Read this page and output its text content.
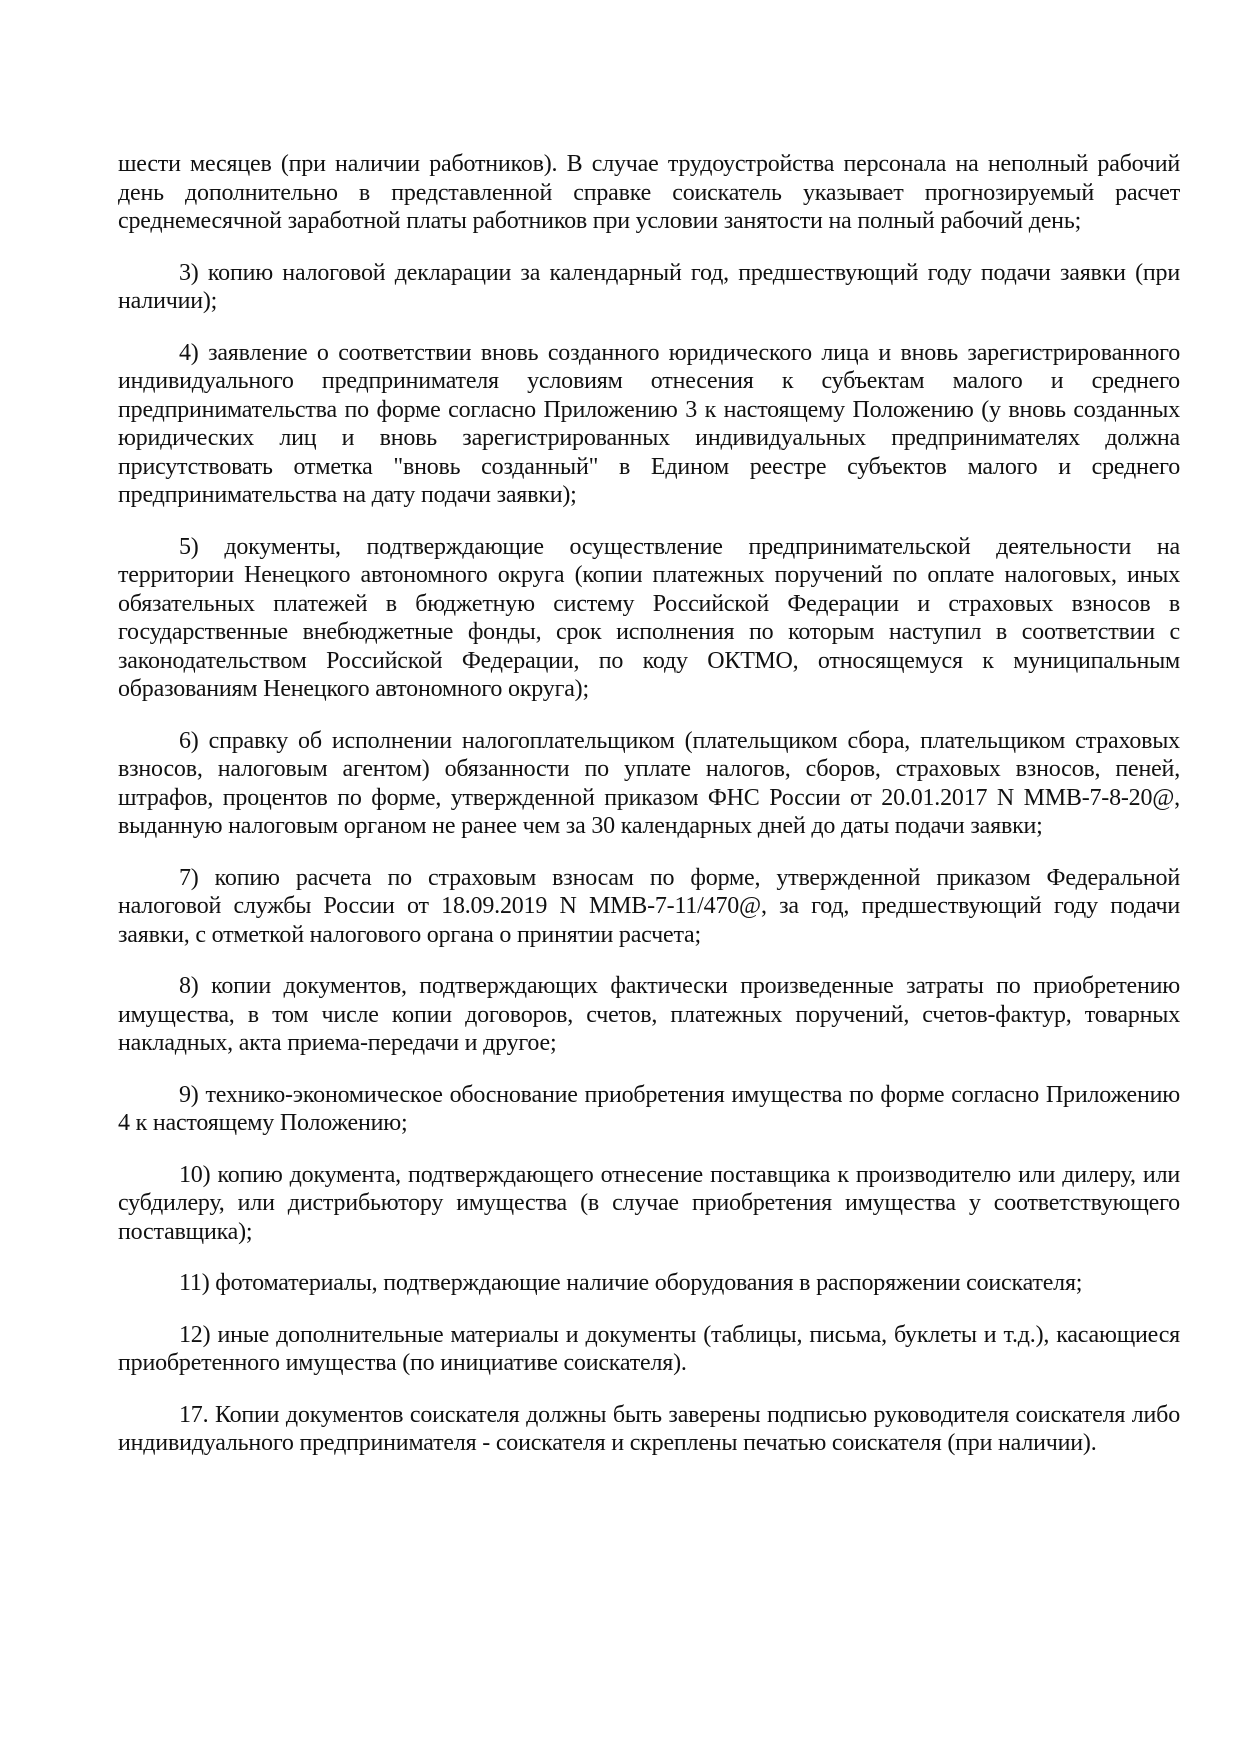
шести месяцев (при наличии работников). В случае трудоустройства персонала на неполный рабочий день дополнительно в представленной справке соискатель указывает прогнозируемый расчет среднемесячной заработной платы работников при условии занятости на полный рабочий день;

3) копию налоговой декларации за календарный год, предшествующий году подачи заявки (при наличии);

4) заявление о соответствии вновь созданного юридического лица и вновь зарегистрированного индивидуального предпринимателя условиям отнесения к субъектам малого и среднего предпринимательства по форме согласно Приложению 3 к настоящему Положению (у вновь созданных юридических лиц и вновь зарегистрированных индивидуальных предпринимателях должна присутствовать отметка "вновь созданный" в Едином реестре субъектов малого и среднего предпринимательства на дату подачи заявки);

5) документы, подтверждающие осуществление предпринимательской деятельности на территории Ненецкого автономного округа (копии платежных поручений по оплате налоговых, иных обязательных платежей в бюджетную систему Российской Федерации и страховых взносов в государственные внебюджетные фонды, срок исполнения по которым наступил в соответствии с законодательством Российской Федерации, по коду ОКТМО, относящемуся к муниципальным образованиям Ненецкого автономного округа);

6) справку об исполнении налогоплательщиком (плательщиком сбора, плательщиком страховых взносов, налоговым агентом) обязанности по уплате налогов, сборов, страховых взносов, пеней, штрафов, процентов по форме, утвержденной приказом ФНС России от 20.01.2017 N ММВ-7-8-20@, выданную налоговым органом не ранее чем за 30 календарных дней до даты подачи заявки;

7) копию расчета по страховым взносам по форме, утвержденной приказом Федеральной налоговой службы России от 18.09.2019 N ММВ-7-11/470@, за год, предшествующий году подачи заявки, с отметкой налогового органа о принятии расчета;

8) копии документов, подтверждающих фактически произведенные затраты по приобретению имущества, в том числе копии договоров, счетов, платежных поручений, счетов-фактур, товарных накладных, акта приема-передачи и другое;

9) технико-экономическое обоснование приобретения имущества по форме согласно Приложению 4 к настоящему Положению;

10) копию документа, подтверждающего отнесение поставщика к производителю или дилеру, или субдилеру, или дистрибьютору имущества (в случае приобретения имущества у соответствующего поставщика);

11) фотоматериалы, подтверждающие наличие оборудования в распоряжении соискателя;

12) иные дополнительные материалы и документы (таблицы, письма, буклеты и т.д.), касающиеся приобретенного имущества (по инициативе соискателя).

17. Копии документов соискателя должны быть заверены подписью руководителя соискателя либо индивидуального предпринимателя - соискателя и скреплены печатью соискателя (при наличии).
